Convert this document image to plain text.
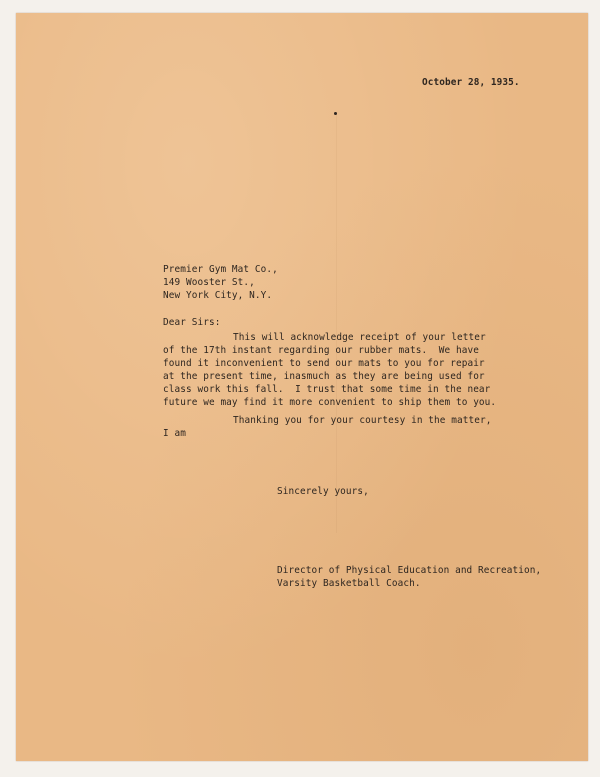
October 28, 1935.
Premier Gym Mat Co.,
149 Wooster St.,
New York City, N.Y.
Dear Sirs:
This will acknowledge receipt of your letter
of the 17th instant regarding our rubber mats.  We have
found it inconvenient to send our mats to you for repair
at the present time, inasmuch as they are being used for
class work this fall.  I trust that some time in the near
future we may find it more convenient to ship them to you.
Thanking you for your courtesy in the matter,
I am
Sincerely yours,
Director of Physical Education and Recreation,
Varsity Basketball Coach.
